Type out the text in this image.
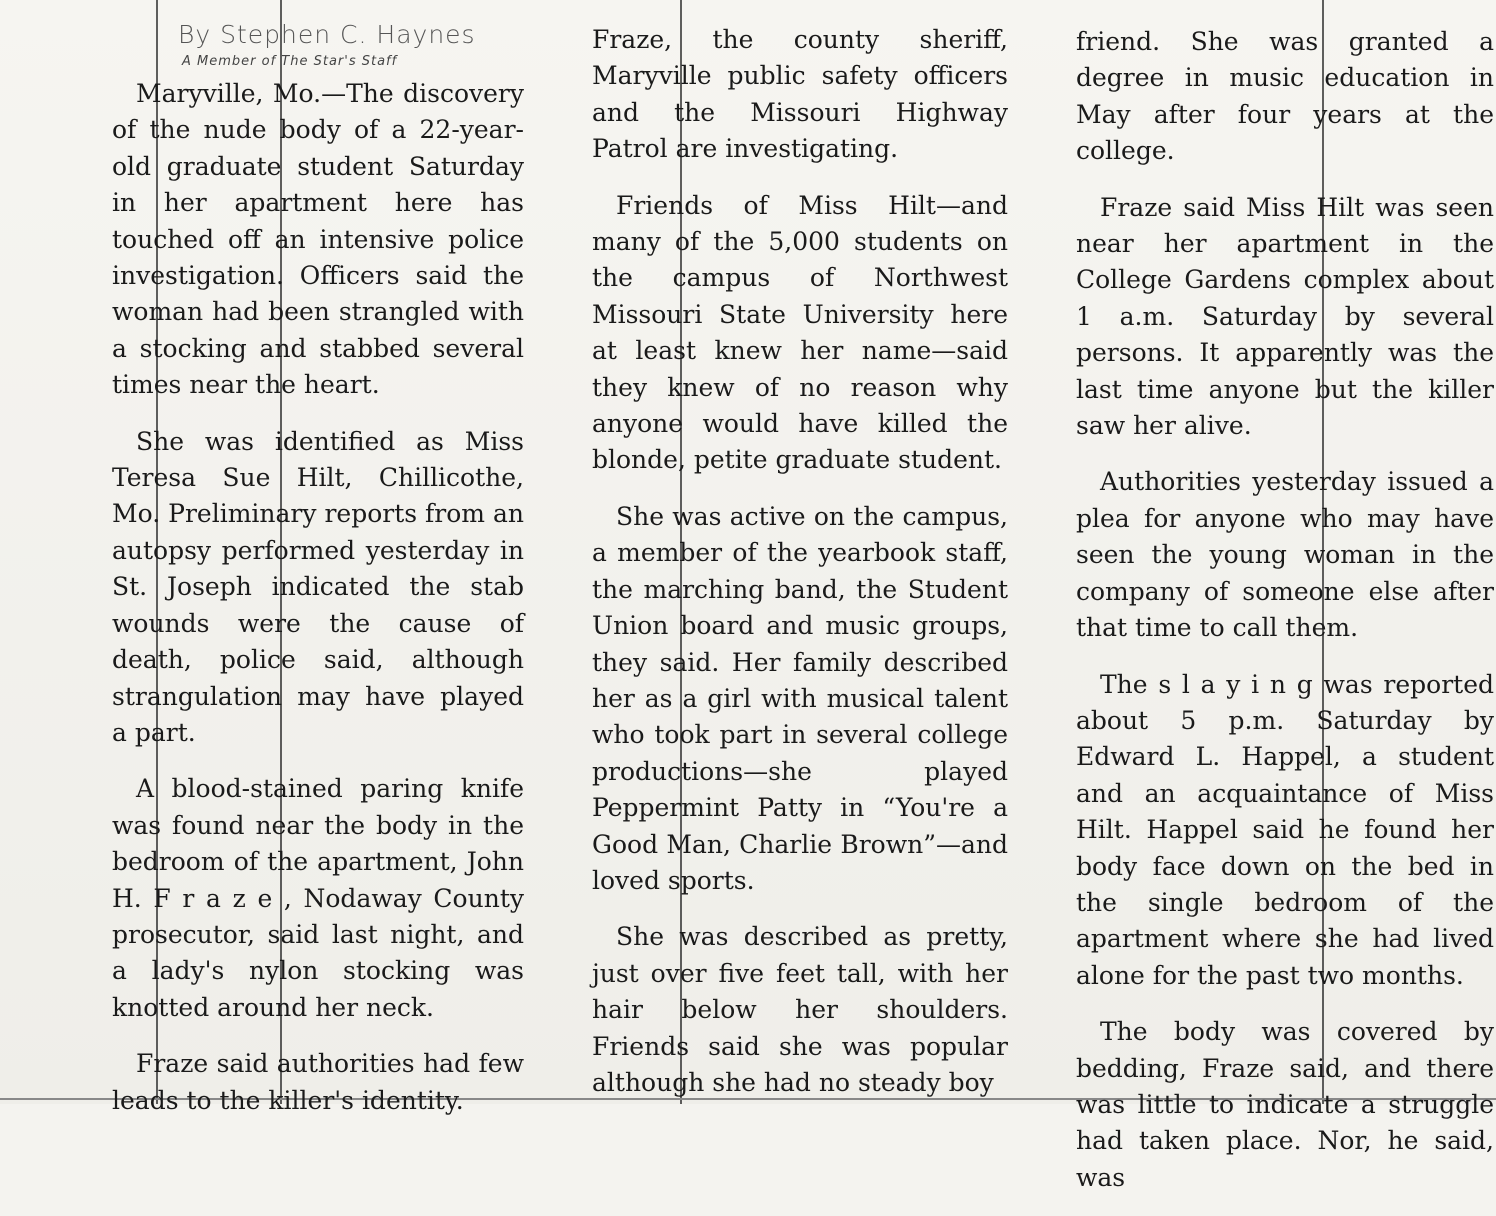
By Stephen C. Haynes
A Member of The Star's Staff

Maryville, Mo.—The discovery of the nude body of a 22-year-old graduate student Saturday in her apartment here has touched off an intensive police investigation. Officers said the woman had been strangled with a stocking and stabbed several times near the heart.

She was identified as Miss Teresa Sue Hilt, Chillicothe, Mo. Preliminary reports from an autopsy performed yesterday in St. Joseph indicated the stab wounds were the cause of death, police said, although strangulation may have played a part.

A blood-stained paring knife was found near the body in the bedroom of the apartment, John H. F r a z e , Nodaway County prosecutor, said last night, and a lady's nylon stocking was knotted around her neck.

Fraze said authorities had few leads to the killer's identity.

Fraze, the county sheriff, Maryville public safety officers and the Missouri Highway Patrol are investigating.

Friends of Miss Hilt—and many of the 5,000 students on the campus of Northwest Missouri State University here at least knew her name—said they knew of no reason why anyone would have killed the blonde, petite graduate student.

She was active on the campus, a member of the yearbook staff, the marching band, the Student Union board and music groups, they said. Her family described her as a girl with musical talent who took part in several college productions—she played Peppermint Patty in “You're a Good Man, Charlie Brown”—and loved sports.

She was described as pretty, just over five feet tall, with her hair below her shoulders. Friends said she was popular although she had no steady boy

friend. She was granted a degree in music education in May after four years at the college.

Fraze said Miss Hilt was seen near her apartment in the College Gardens complex about 1 a.m. Saturday by several persons. It apparently was the last time anyone but the killer saw her alive.

Authorities yesterday issued a plea for anyone who may have seen the young woman in the company of someone else after that time to call them.

The s l a y i n g was reported about 5 p.m. Saturday by Edward L. Happel, a student and an acquaintance of Miss Hilt. Happel said he found her body face down on the bed in the single bedroom of the apartment where she had lived alone for the past two months.

The body was covered by bedding, Fraze said, and there was little to indicate a struggle had taken place. Nor, he said, was
